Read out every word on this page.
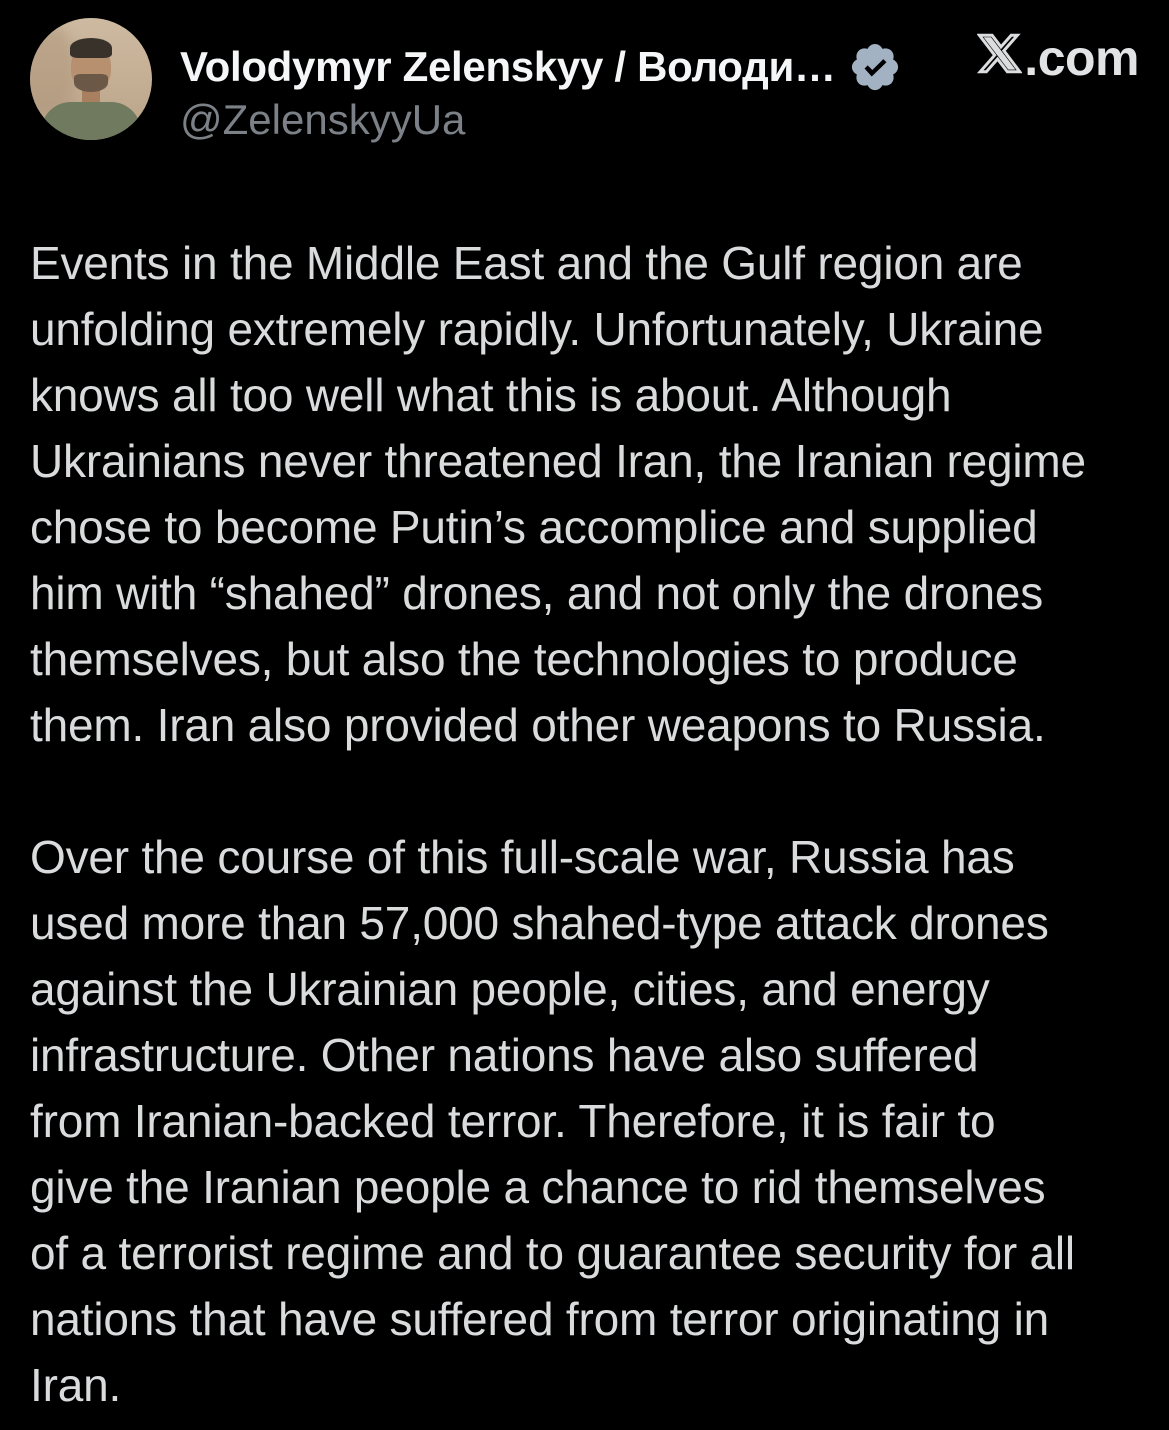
Volodymyr Zelenskyy / Володи…
@ZelenskyyUa
.com
Events in the Middle East and the Gulf region are
unfolding extremely rapidly. Unfortunately, Ukraine
knows all too well what this is about. Although
Ukrainians never threatened Iran, the Iranian regime
chose to become Putin’s accomplice and supplied
him with “shahed” drones, and not only the drones
themselves, but also the technologies to produce
them. Iran also provided other weapons to Russia.
Over the course of this full-scale war, Russia has
used more than 57,000 shahed-type attack drones
against the Ukrainian people, cities, and energy
infrastructure. Other nations have also suffered
from Iranian-backed terror. Therefore, it is fair to
give the Iranian people a chance to rid themselves
of a terrorist regime and to guarantee security for all
nations that have suffered from terror originating in
Iran.
